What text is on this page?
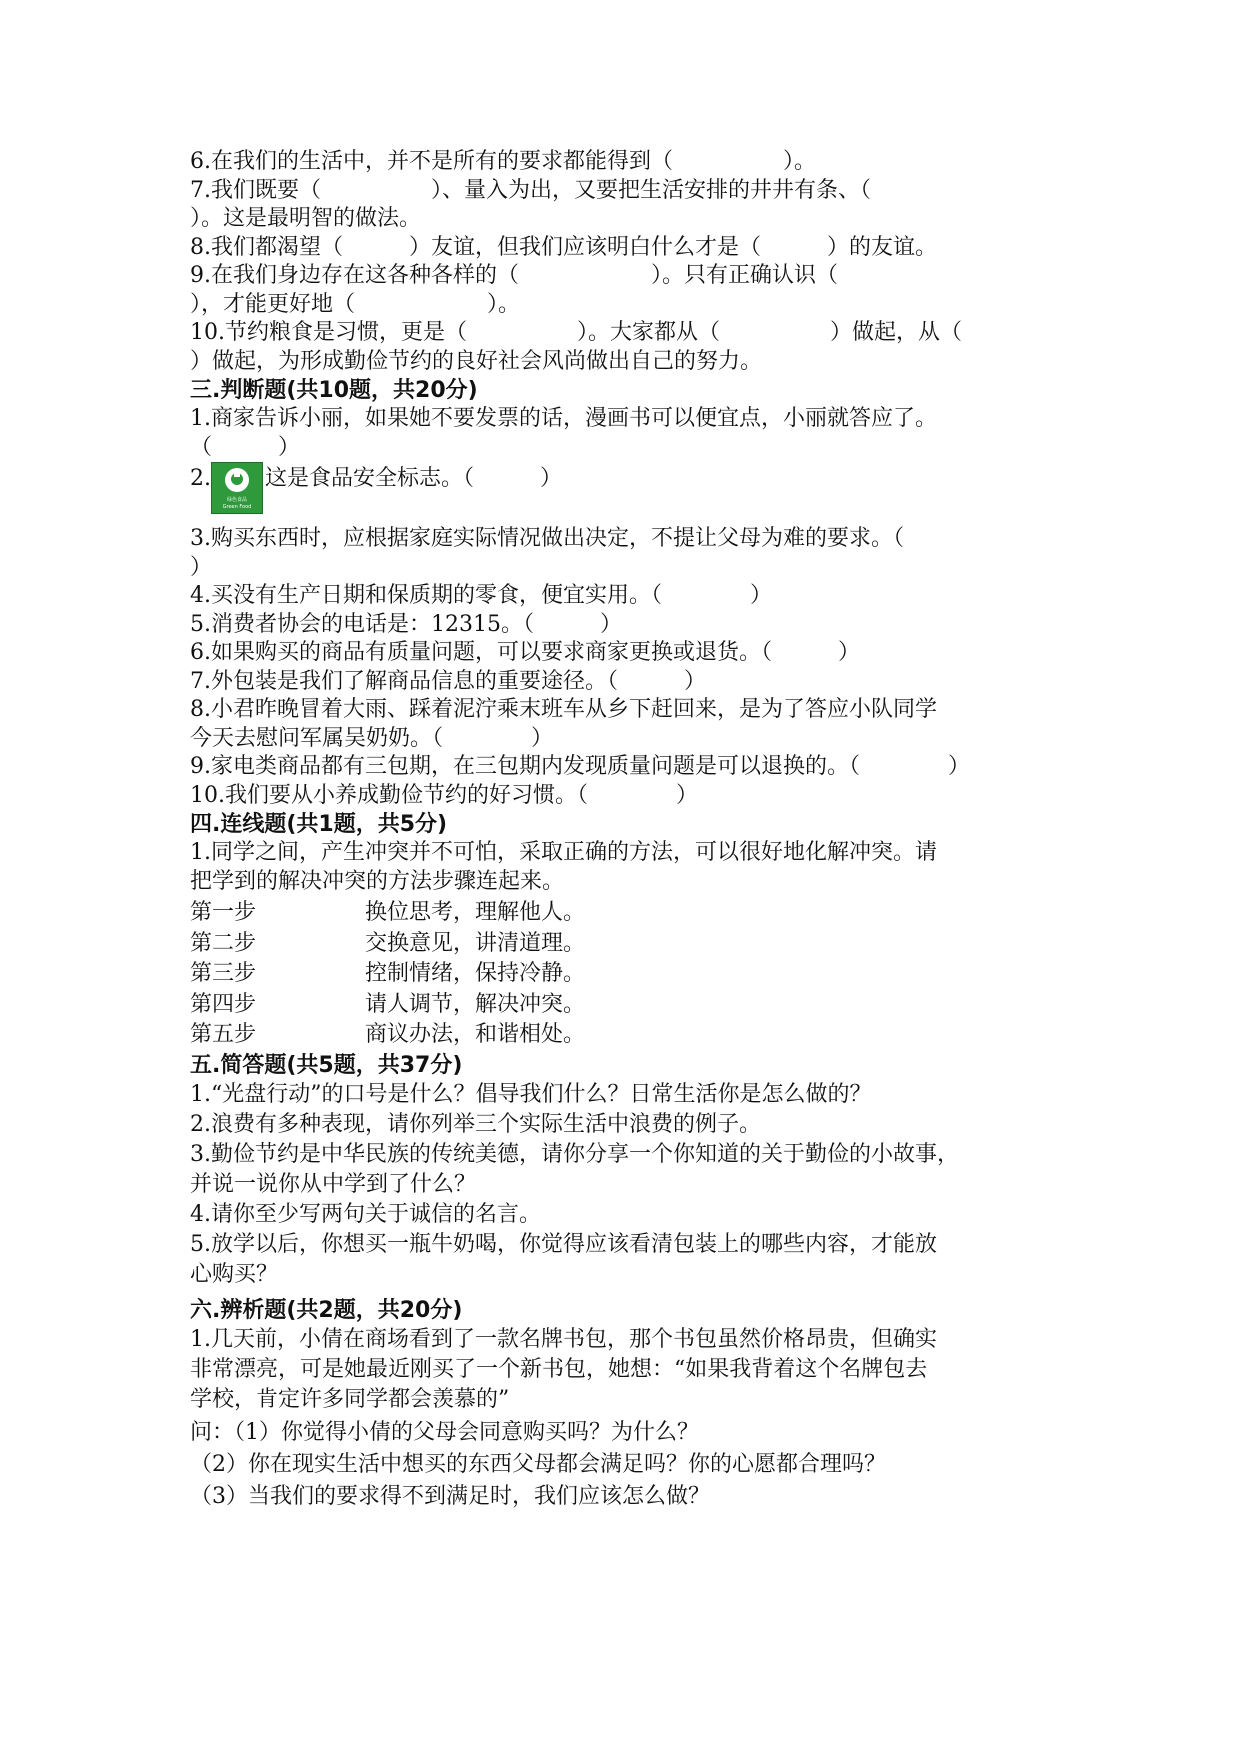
6.在我们的生活中，并不是所有的要求都能得到（　　　　　）。
7.我们既要（　　　　　）、量入为出，又要把生活安排的井井有条、（
）。这是最明智的做法。
8.我们都渴望（　　　）友谊，但我们应该明白什么才是（　　　）的友谊。
9.在我们身边存在这各种各样的（　　　　　　）。只有正确认识（
），才能更好地（　　　　　　）。
10.节约粮食是习惯，更是（　　　　　）。大家都从（　　　　　）做起，从（
）做起，为形成勤俭节约的良好社会风尚做出自己的努力。
三.判断题(共10题，共20分)
1.商家告诉小丽，如果她不要发票的话，漫画书可以便宜点，小丽就答应了。
（　　　）
2.
绿色食品
Green Food
这是食品安全标志。（　　　）
3.购买东西时，应根据家庭实际情况做出决定，不提让父母为难的要求。（
）
4.买没有生产日期和保质期的零食，便宜实用。（　　　　）
5.消费者协会的电话是：12315。（　　　）
6.如果购买的商品有质量问题，可以要求商家更换或退货。（　　　）
7.外包装是我们了解商品信息的重要途径。（　　　）
8.小君昨晚冒着大雨、踩着泥泞乘末班车从乡下赶回来，是为了答应小队同学
今天去慰问军属吴奶奶。（　　　　）
9.家电类商品都有三包期，在三包期内发现质量问题是可以退换的。（　　　　）
10.我们要从小养成勤俭节约的好习惯。（　　　　）
四.连线题(共1题，共5分)
1.同学之间，产生冲突并不可怕，采取正确的方法，可以很好地化解冲突。请
把学到的解决冲突的方法步骤连起来。
第一步	换位思考，理解他人。
第二步	交换意见，讲清道理。
第三步	控制情绪，保持冷静。
第四步	请人调节，解决冲突。
第五步	商议办法，和谐相处。
五.简答题(共5题，共37分)
1.“光盘行动”的口号是什么？倡导我们什么？日常生活你是怎么做的？
2.浪费有多种表现，请你列举三个实际生活中浪费的例子。
3.勤俭节约是中华民族的传统美德，请你分享一个你知道的关于勤俭的小故事，
并说一说你从中学到了什么？
4.请你至少写两句关于诚信的名言。
5.放学以后，你想买一瓶牛奶喝，你觉得应该看清包装上的哪些内容，才能放
心购买？
六.辨析题(共2题，共20分)
1.几天前，小倩在商场看到了一款名牌书包，那个书包虽然价格昂贵，但确实
非常漂亮，可是她最近刚买了一个新书包，她想：“如果我背着这个名牌包去
学校，肯定许多同学都会羡慕的”
问：（1）你觉得小倩的父母会同意购买吗？为什么？
（2）你在现实生活中想买的东西父母都会满足吗？你的心愿都合理吗？
（3）当我们的要求得不到满足时，我们应该怎么做？
